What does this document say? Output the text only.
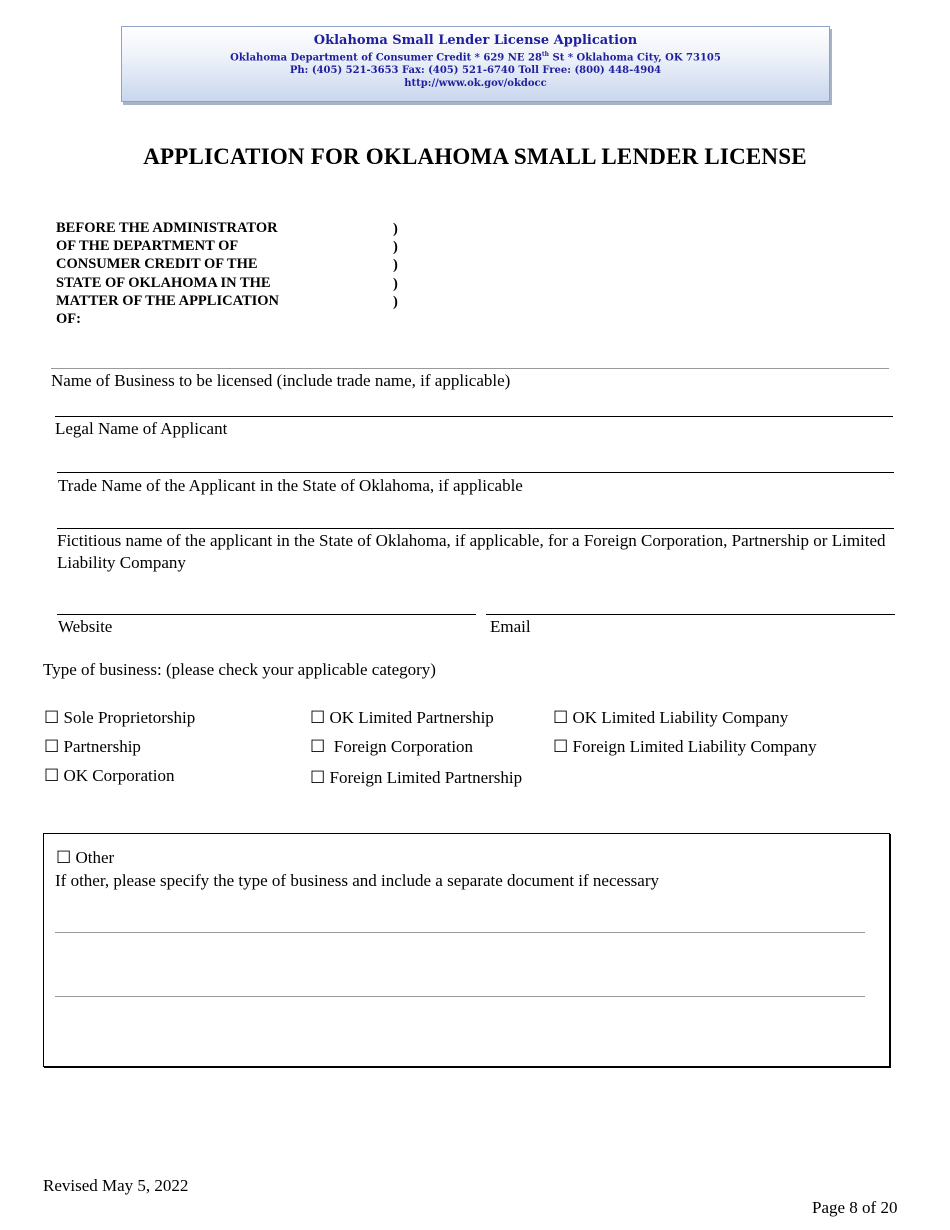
Oklahoma Small Lender License Application
Oklahoma Department of Consumer Credit * 629 NE 28th St * Oklahoma City, OK 73105
Ph: (405) 521-3653 Fax: (405) 521-6740 Toll Free: (800) 448-4904
http://www.ok.gov/okdocc
APPLICATION FOR OKLAHOMA SMALL LENDER LICENSE
BEFORE THE ADMINISTRATOR
OF THE DEPARTMENT OF
CONSUMER CREDIT OF THE
STATE OF OKLAHOMA IN THE
MATTER OF THE APPLICATION
OF:
)
)
)
)
)
Name of Business to be licensed (include trade name, if applicable)
Legal Name of Applicant
Trade Name of the Applicant in the State of Oklahoma, if applicable
Fictitious name of the applicant in the State of Oklahoma, if applicable, for a Foreign Corporation, Partnership or Limited Liability Company
Website	Email
Type of business: (please check your applicable category)
☐ Sole Proprietorship
☐ Partnership
☐ OK Corporation
☐ OK Limited Partnership
☐ Foreign Corporation
☐ Foreign Limited Partnership
☐ OK Limited Liability Company
☐ Foreign Limited Liability Company
☐ Other
If other, please specify the type of business and include a separate document if necessary
Revised May 5, 2022
Page 8 of 20
